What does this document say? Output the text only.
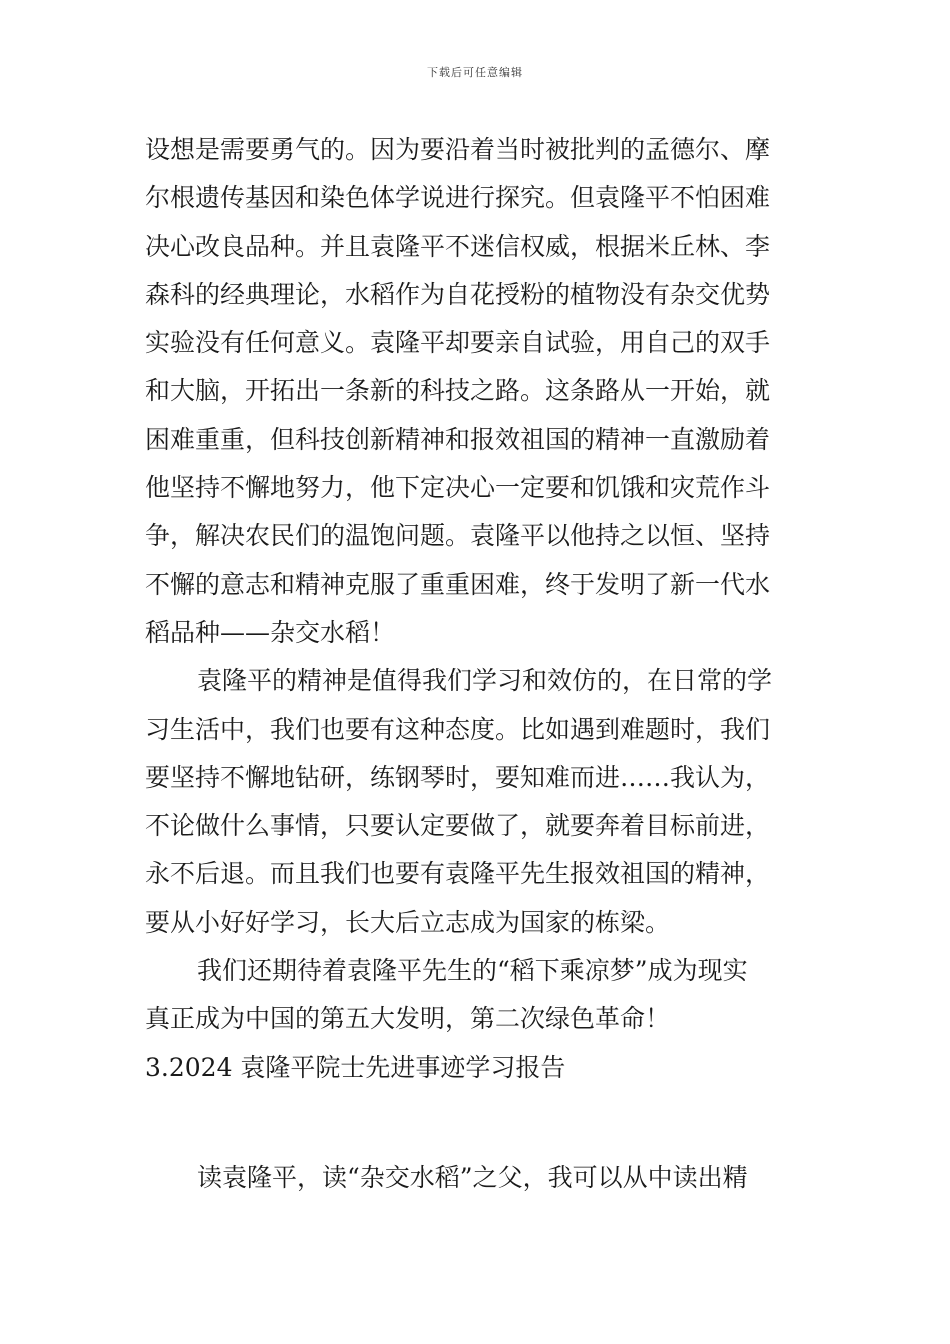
下载后可任意编辑
设想是需要勇气的。因为要沿着当时被批判的孟德尔、摩
尔根遗传基因和染色体学说进行探究。但袁隆平不怕困难
决心改良品种。并且袁隆平不迷信权威，根据米丘林、李
森科的经典理论，水稻作为自花授粉的植物没有杂交优势
实验没有任何意义。袁隆平却要亲自试验，用自己的双手
和大脑，开拓出一条新的科技之路。这条路从一开始，就
困难重重，但科技创新精神和报效祖国的精神一直激励着
他坚持不懈地努力，他下定决心一定要和饥饿和灾荒作斗
争，解决农民们的温饱问题。袁隆平以他持之以恒、坚持
不懈的意志和精神克服了重重困难，终于发明了新一代水
稻品种——杂交水稻！
袁隆平的精神是值得我们学习和效仿的，在日常的学
习生活中，我们也要有这种态度。比如遇到难题时，我们
要坚持不懈地钻研，练钢琴时，要知难而进……我认为，
不论做什么事情，只要认定要做了，就要奔着目标前进，
永不后退。而且我们也要有袁隆平先生报效祖国的精神，
要从小好好学习，长大后立志成为国家的栋梁。
我们还期待着袁隆平先生的“稻下乘凉梦”成为现实
真正成为中国的第五大发明，第二次绿色革命！
3.2024 袁隆平院士先进事迹学习报告
读袁隆平，读“杂交水稻”之父，我可以从中读出精
